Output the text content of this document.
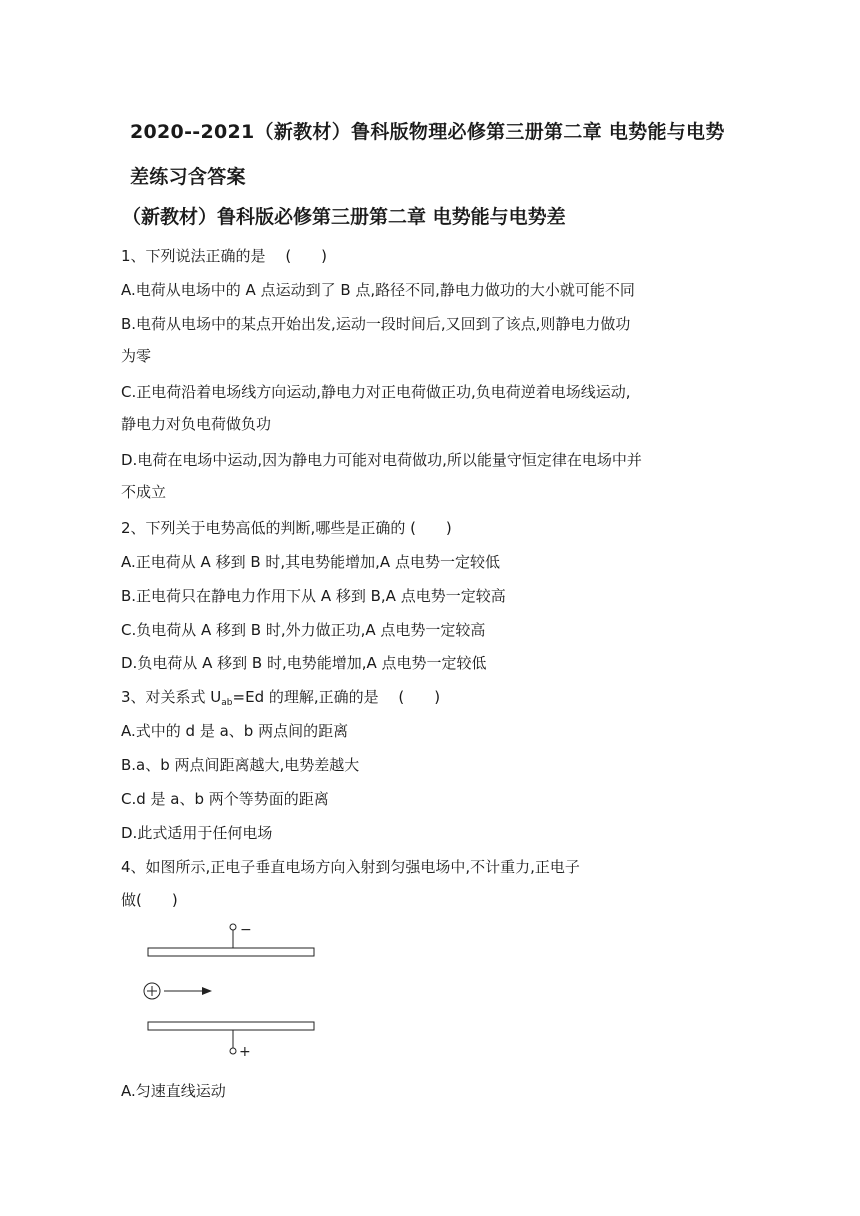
2020--2021（新教材）鲁科版物理必修第三册第二章 电势能与电势
差练习含答案
（新教材）鲁科版必修第三册第二章 电势能与电势差
1、下列说法正确的是　 (　　)
A.电荷从电场中的 A 点运动到了 B 点,路径不同,静电力做功的大小就可能不同
B.电荷从电场中的某点开始出发,运动一段时间后,又回到了该点,则静电力做功
为零
C.正电荷沿着电场线方向运动,静电力对正电荷做正功,负电荷逆着电场线运动,
静电力对负电荷做负功
D.电荷在电场中运动,因为静电力可能对电荷做功,所以能量守恒定律在电场中并
不成立
2、下列关于电势高低的判断,哪些是正确的 (　　)
A.正电荷从 A 移到 B 时,其电势能增加,A 点电势一定较低
B.正电荷只在静电力作用下从 A 移到 B,A 点电势一定较高
C.负电荷从 A 移到 B 时,外力做正功,A 点电势一定较高
D.负电荷从 A 移到 B 时,电势能增加,A 点电势一定较低
3、对关系式 $U_{ab}=Ed$ 的理解,正确的是　 (　　)
A.式中的 d 是 a、b 两点间的距离
B.a、b 两点间距离越大,电势差越大
C.d 是 a、b 两个等势面的距离
D.此式适用于任何电场
4、如图所示,正电子垂直电场方向入射到匀强电场中,不计重力,正电子
做(　　)
−
+
A.匀速直线运动
